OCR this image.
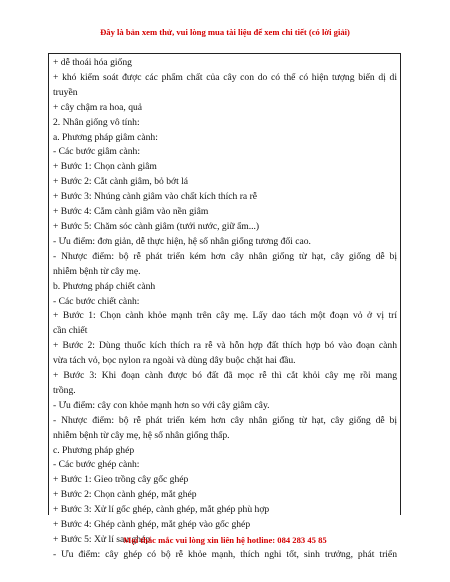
Đây là bản xem thử, vui lòng mua tài liệu để xem chi tiết (có lời giải)
+ dễ thoái hóa giống
+ khó kiểm soát được các phẩm chất của cây con do có thể có hiện tượng biến dị di
truyền
+ cây chậm ra hoa, quả
2. Nhân giống vô tính:
a. Phương pháp giâm cành:
- Các bước giâm cành:
+ Bước 1: Chọn cành giâm
+ Bước 2: Cắt cành giâm, bỏ bớt lá
+ Bước 3: Nhúng cành giâm vào chất kích thích ra rễ
+ Bước 4: Cắm cành giâm vào nền giâm
+ Bước 5: Chăm sóc cành giâm (tưới nước, giữ ẩm...)
- Ưu điểm: đơn giản, dễ thực hiện, hệ số nhân giống tương đối cao.
- Nhược điểm: bộ rễ phát triển kém hơn cây nhân giống từ hạt, cây giống dễ bị
nhiễm bệnh từ cây mẹ.
b. Phương pháp chiết cành
- Các bước chiết cành:
+ Bước 1: Chọn cành khỏe mạnh trên cây mẹ. Lấy dao tách một đoạn vỏ ở vị trí
cần chiết
+ Bước 2: Dùng thuốc kích thích ra rễ và hỗn hợp đất thích hợp bó vào đoạn cành
vừa tách vỏ, bọc nylon ra ngoài và dùng dây buộc chặt hai đầu.
+ Bước 3: Khi đoạn cành được bó đất đã mọc rễ thì cắt khỏi cây mẹ rồi mang
trồng.
- Ưu điểm: cây con khỏe mạnh hơn so với cây giâm cây.
- Nhược điểm: bộ rễ phát triển kém hơn cây nhân giống từ hạt, cây giống dễ bị
nhiễm bệnh từ cây mẹ, hệ số nhân giống thấp.
c. Phương pháp ghép
- Các bước ghép cành:
+ Bước 1: Gieo trồng cây gốc ghép
+ Bước 2: Chọn cành ghép, mắt ghép
+ Bước 3: Xử lí gốc ghép, cành ghép, mắt ghép phù hợp
+ Bước 4: Ghép cành ghép, mắt ghép vào gốc ghép
+ Bước 5: Xử lí sau ghép
- Ưu điểm: cây ghép có bộ rễ khỏe mạnh, thích nghi tốt, sinh trưởng, phát triển
Mọi thắc mắc vui lòng xin liên hệ hotline: 084 283 45 85
